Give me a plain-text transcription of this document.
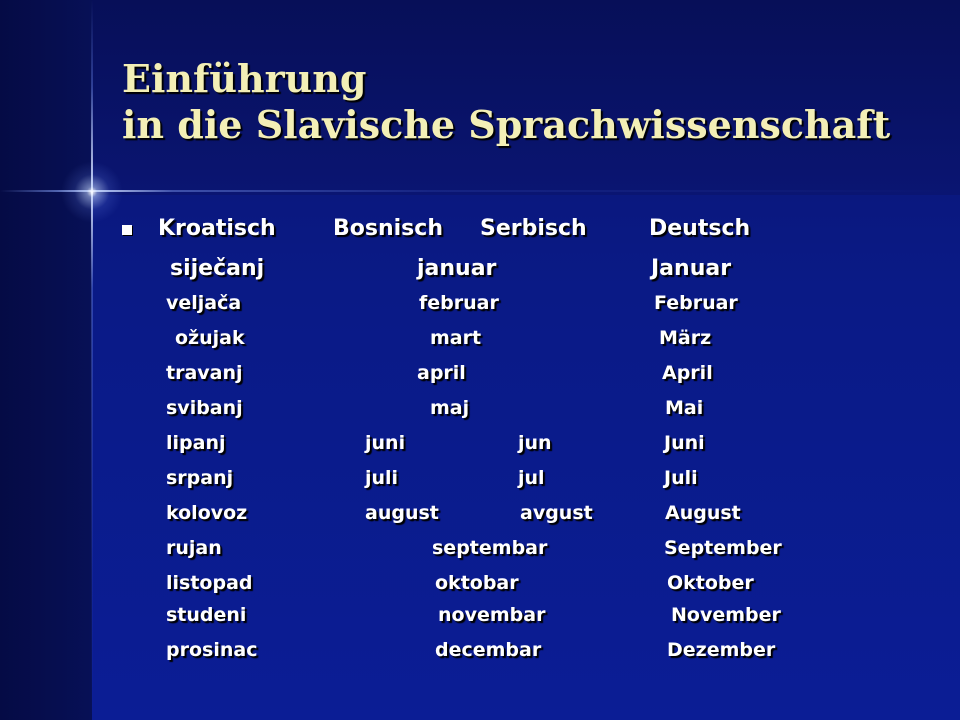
Einführung
in die Slavische Sprachwissenschaft
Kroatisch	Bosnisch Serbisch	Deutsch
siječanj	januar	Januar
veljača	februar	Februar
ožujak	mart	März
travanj	april	April
svibanj	maj	Mai
lipanj	juni	jun	Juni
srpanj	juli	jul	Juli
kolovoz	august	avgust	August
rujan	septembar	September
listopad	oktobar	Oktober
studeni	novembar	November
prosinac	decembar	Dezember
